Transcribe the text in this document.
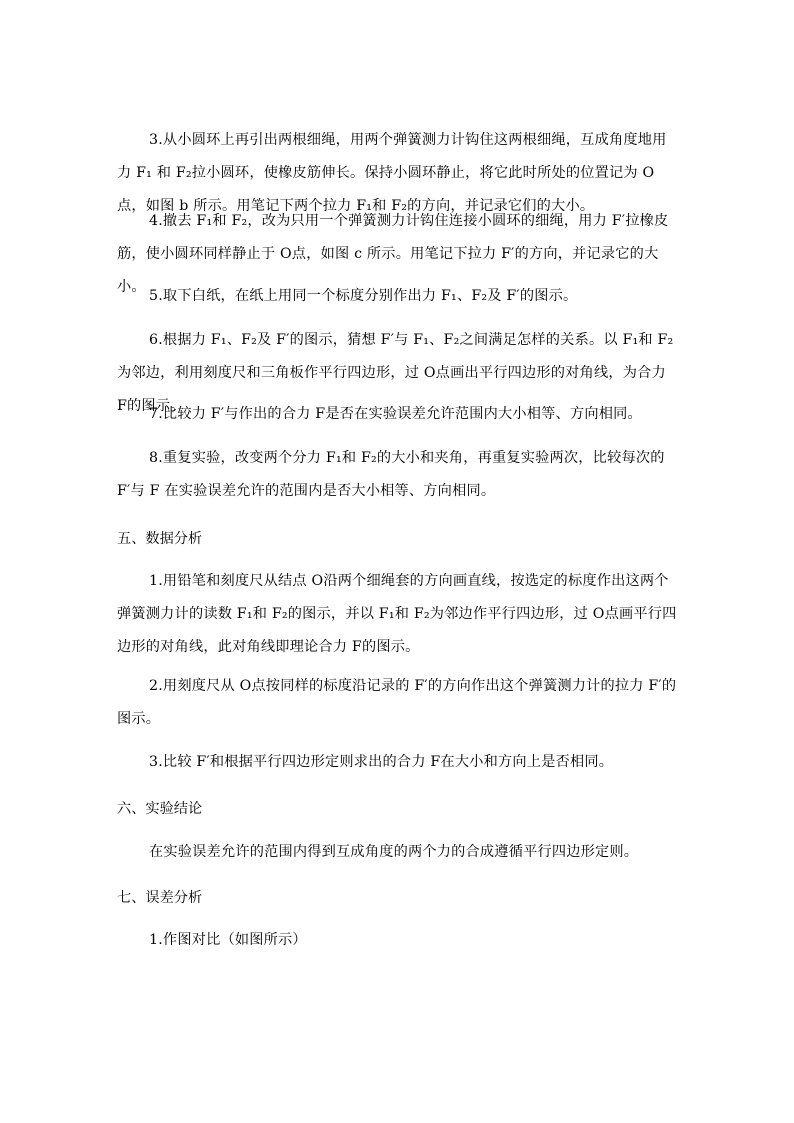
3.从小圆环上再引出两根细绳，用两个弹簧测力计钩住这两根细绳，互成角度地用力 F₁ 和 F₂拉小圆环，使橡皮筋伸长。保持小圆环静止，将它此时所处的位置记为 O点，如图 b 所示。用笔记下两个拉力 F₁和 F₂的方向，并记录它们的大小。

4.撤去 F₁和 F₂，改为只用一个弹簧测力计钩住连接小圆环的细绳，用力 F′拉橡皮筋，使小圆环同样静止于 O点，如图 c 所示。用笔记下拉力 F′的方向，并记录它的大小。

5.取下白纸，在纸上用同一个标度分别作出力 F₁、F₂及 F′的图示。

6.根据力 F₁、F₂及 F′的图示，猜想 F′与 F₁、F₂之间满足怎样的关系。以 F₁和 F₂为邻边，利用刻度尺和三角板作平行四边形，过 O点画出平行四边形的对角线，为合力 F的图示。

7.比较力 F′与作出的合力 F是否在实验误差允许范围内大小相等、方向相同。

8.重复实验，改变两个分力 F₁和 F₂的大小和夹角，再重复实验两次，比较每次的 F′与 F 在实验误差允许的范围内是否大小相等、方向相同。

五、数据分析

1.用铅笔和刻度尺从结点 O沿两个细绳套的方向画直线，按选定的标度作出这两个弹簧测力计的读数 F₁和 F₂的图示，并以 F₁和 F₂为邻边作平行四边形，过 O点画平行四边形的对角线，此对角线即理论合力 F的图示。

2.用刻度尺从 O点按同样的标度沿记录的 F′的方向作出这个弹簧测力计的拉力 F′的图示。

3.比较 F′和根据平行四边形定则求出的合力 F在大小和方向上是否相同。

六、实验结论

在实验误差允许的范围内得到互成角度的两个力的合成遵循平行四边形定则。

七、误差分析

1.作图对比（如图所示）
